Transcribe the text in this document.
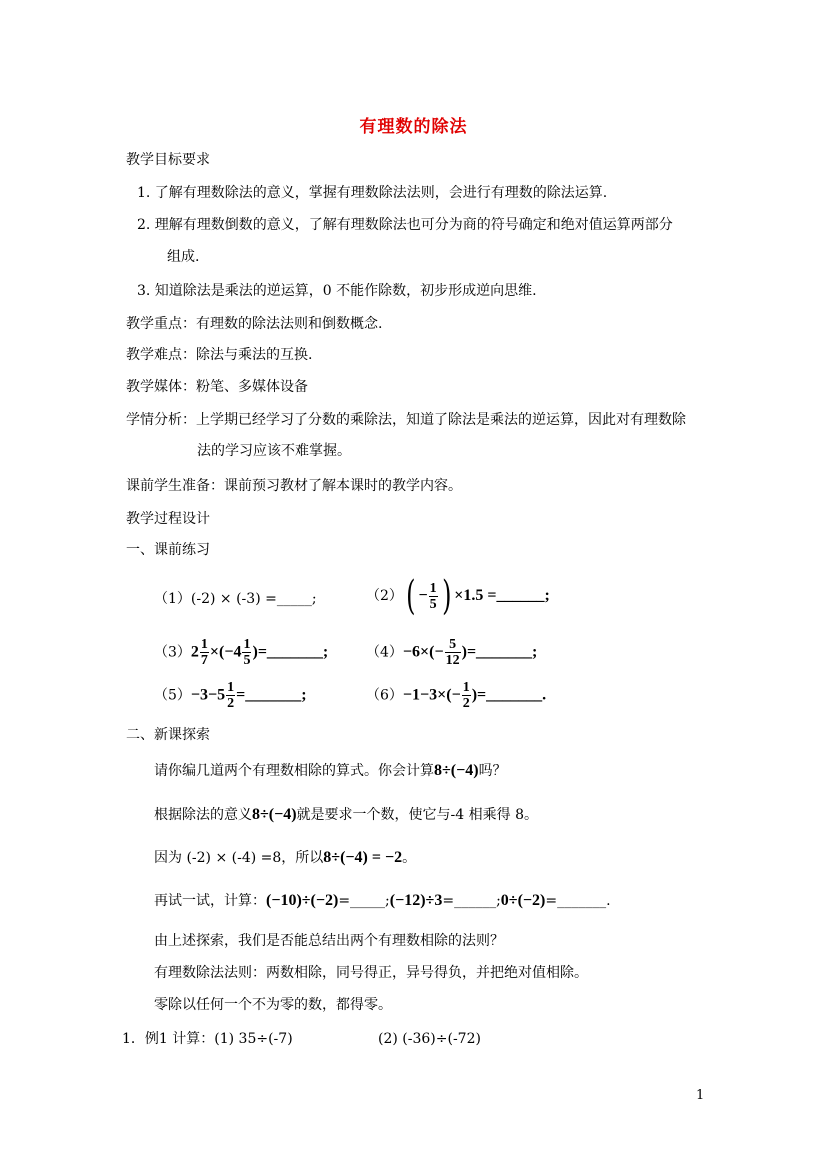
有理数的除法
教学目标要求
1. 了解有理数除法的意义，掌握有理数除法法则，会进行有理数的除法运算.
2. 理解有理数倒数的意义，了解有理数除法也可分为商的符号确定和绝对值运算两部分
组成.
3. 知道除法是乘法的逆运算，0 不能作除数，初步形成逆向思维.
教学重点：有理数的除法法则和倒数概念.
教学难点：除法与乘法的互换.
教学媒体：粉笔、多媒体设备
学情分析：上学期已经学习了分数的乘除法，知道了除法是乘法的逆运算，因此对有理数除
法的学习应该不难掌握。
课前学生准备：课前预习教材了解本课时的教学内容。
教学过程设计
一、课前练习
（1）(-2) × (-3) =_____;	$(2)( - \frac{1}{5}$ ) ×1.5 =______;
$(3)2 \frac{1}{7} \times(-4 \frac{1}{5}$ )=_______;	$(4)-6\times(- \frac{5}{12}$ )=_______;
$(5)-3-5 \frac{1}{2}$ =_______;	$(6)-1-3\times(- \frac{1}{2}$ )=_______.
二、新课探索
请你编几道两个有理数相除的算式。你会计算8÷(−4)吗？
根据除法的意义8÷(−4)就是要求一个数，使它与-4 相乘得 8。
因为 (-2) × (-4) =8，所以8÷(−4) = −2。
再试一试，计算：(−10)÷(−2)=_____;(−12)÷3=______;0÷(−2)=_______.
由上述探索，我们是否能总结出两个有理数相除的法则？
有理数除法法则：两数相除，同号得正，异号得负，并把绝对值相除。
零除以任何一个不为零的数，都得零。
1．例1 计算：(1) 35÷(-7)	(2) (-36)÷(-72)
1
